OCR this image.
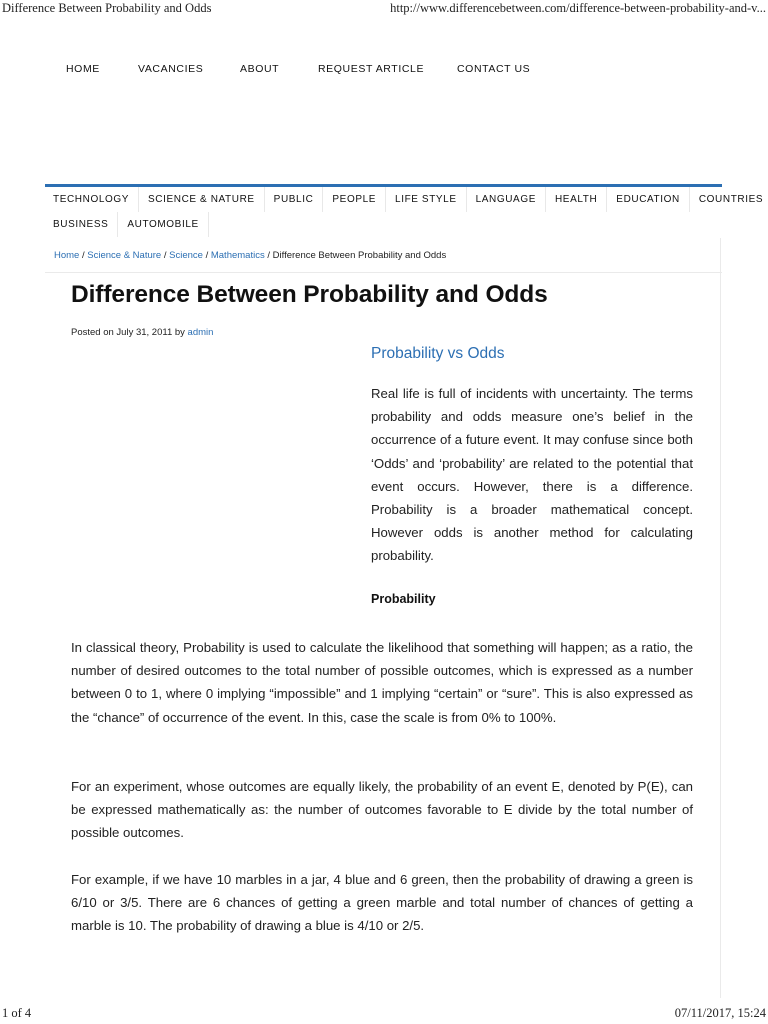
Difference Between Probability and Odds	http://www.differencebetween.com/difference-between-probability-and-v...
HOME	VACANCIES	ABOUT	REQUEST ARTICLE	CONTACT US
TECHNOLOGY	SCIENCE & NATURE	PUBLIC	PEOPLE	LIFE STYLE	LANGUAGE	HEALTH	EDUCATION	COUNTRIES
BUSINESS	AUTOMOBILE
Home / Science & Nature / Science / Mathematics / Difference Between Probability and Odds
Difference Between Probability and Odds
Posted on July 31, 2011 by admin
Probability vs Odds

Real life is full of incidents with uncertainty. The terms probability and odds measure one’s belief in the occurrence of a future event. It may confuse since both ‘Odds’ and ‘probability’ are related to the potential that event occurs. However, there is a difference. Probability is a broader mathematical concept. However odds is another method for calculating probability.

Probability

In classical theory, Probability is used to calculate the likelihood that something will happen; as a ratio, the number of desired outcomes to the total number of possible outcomes, which is expressed as a number between 0 to 1, where 0 implying “impossible” and 1 implying “certain” or “sure”. This is also expressed as the “chance” of occurrence of the event. In this, case the scale is from 0% to 100%.

For an experiment, whose outcomes are equally likely, the probability of an event E, denoted by P(E), can be expressed mathematically as: the number of outcomes favorable to E divide by the total number of possible outcomes.

For example, if we have 10 marbles in a jar, 4 blue and 6 green, then the probability of drawing a green is 6/10 or 3/5. There are 6 chances of getting a green marble and total number of chances of getting a marble is 10. The probability of drawing a blue is 4/10 or 2/5.

1 of 4	07/11/2017, 15:24
